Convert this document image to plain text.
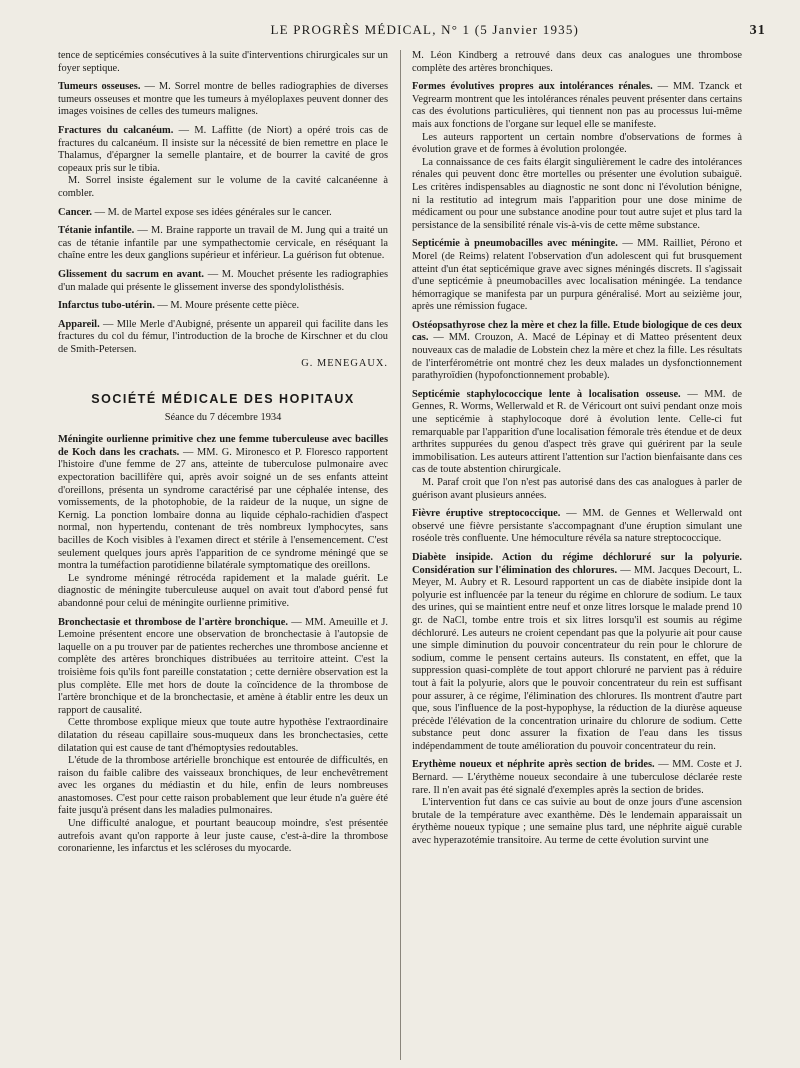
LE PROGRÈS MÉDICAL, N° 1 (5 Janvier 1935)	31

tence de septicémies consécutives à la suite d'interventions chirurgicales sur un foyer septique.

Tumeurs osseuses. — M. Sorrel montre de belles radiographies de diverses tumeurs osseuses et montre que les tumeurs à myéloplaxes peuvent donner des images voisines de celles des tumeurs malignes.

Fractures du calcanéum. — M. Laffitte (de Niort) a opéré trois cas de fractures du calcanéum. Il insiste sur la nécessité de bien remettre en place le Thalamus, d'épargner la semelle plantaire, et de bourrer la cavité de gros copeaux pris sur le tibia.

M. Sorrel insiste également sur le volume de la cavité calcanéenne à combler.

Cancer. — M. de Martel expose ses idées générales sur le cancer.

Tétanie infantile. — M. Braine rapporte un travail de M. Jung qui a traité un cas de tétanie infantile par une sympathectomie cervicale, en réséquant la chaîne entre les deux ganglions supérieur et inférieur. La guérison fut obtenue.

Glissement du sacrum en avant. — M. Mouchet présente les radiographies d'un malade qui présente le glissement inverse des spondylolisthésis.

Infarctus tubo-utérin. — M. Moure présente cette pièce.

Appareil. — Mlle Merle d'Aubigné, présente un appareil qui facilite dans les fractures du col du fémur, l'introduction de la broche de Kirschner et du clou de Smith-Petersen.

G. MENEGAUX.
SOCIÉTÉ MÉDICALE DES HOPITAUX
Séance du 7 décembre 1934

Méningite ourlienne primitive chez une femme tuberculeuse avec bacilles de Koch dans les crachats. — MM. G. Mironesco et P. Floresco rapportent l'histoire d'une femme de 27 ans, atteinte de tuberculose pulmonaire avec expectoration bacillifère qui, après avoir soigné un de ses enfants atteint d'oreillons, présenta un syndrome caractérisé par une céphalée intense, des vomissements, de la photophobie, de la raideur de la nuque, un signe de Kernig. La ponction lombaire donna au liquide céphalo-rachidien d'aspect normal, non hypertendu, contenant de très nombreux lymphocytes, sans bacilles de Koch visibles à l'examen direct et stérile à l'ensemencement. C'est seulement quelques jours après l'apparition de ce syndrome méningé que se montra la tuméfaction parotidienne bilatérale symptomatique des oreillons.

Le syndrome méningé rétrocéda rapidement et la malade guérit. Le diagnostic de méningite tuberculeuse auquel on avait tout d'abord pensé fut abandonné pour celui de méningite ourlienne primitive.

Bronchectasie et thrombose de l'artère bronchique. — MM. Ameuille et J. Lemoine présentent encore une observation de bronchectasie à l'autopsie de laquelle on a pu trouver par de patientes recherches une thrombose ancienne et complète des artères bronchiques distribuées au territoire atteint. C'est la troisième fois qu'ils font pareille constatation ; cette dernière observation est la plus complète. Elle met hors de doute la coïncidence de la thrombose de l'artère bronchique et de la bronchectasie, et amène à établir entre les deux un rapport de causalité.

Cette thrombose explique mieux que toute autre hypothèse l'extraordinaire dilatation du réseau capillaire sous-muqueux dans les bronchectasies, cette dilatation qui est cause de tant d'hémoptysies redoutables.

L'étude de la thrombose artérielle bronchique est entourée de difficultés, en raison du faible calibre des vaisseaux bronchiques, de leur enchevêtrement avec les organes du médiastin et du hile, enfin de leurs nombreuses anastomoses. C'est pour cette raison probablement que leur étude n'a guère été faite jusqu'à présent dans les maladies pulmonaires.

Une difficulté analogue, et pourtant beaucoup moindre, s'est présentée autrefois avant qu'on rapporte à leur juste cause, c'est-à-dire la thrombose coronarienne, les infarctus et les scléroses du myocarde.

M. Léon Kindberg a retrouvé dans deux cas analogues une thrombose complète des artères bronchiques.

Formes évolutives propres aux intolérances rénales. — MM. Tzanck et Vegrearm montrent que les intolérances rénales peuvent présenter dans certains cas des évolutions particulières, qui tiennent non pas au processus lui-même mais aux fonctions de l'organe sur lequel elle se manifeste.

Les auteurs rapportent un certain nombre d'observations de formes à évolution grave et de formes à évolution prolongée.

La connaissance de ces faits élargit singulièrement le cadre des intolérances rénales qui peuvent donc être mortelles ou présenter une évolution subaiguë. Les critères indispensables au diagnostic ne sont donc ni l'évolution bénigne, ni la restitutio ad integrum mais l'apparition pour une dose minime de médicament ou pour une substance anodine pour tout autre sujet et plus tard la persistance de la sensibilité rénale vis-à-vis de cette même substance.

Septicémie à pneumobacilles avec méningite. — MM. Railliet, Pérono et Morel (de Reims) relatent l'observation d'un adolescent qui fut brusquement atteint d'un état septicémique grave avec signes méningés discrets. Il s'agissait d'une septicémie à pneumobacilles avec localisation méningée. La tendance hémorragique se manifesta par un purpura généralisé. Mort au seizième jour, après une rémission fugace.

Ostéopsathyrose chez la mère et chez la fille. Etude biologique de ces deux cas. — MM. Crouzon, A. Macé de Lépinay et di Matteo présentent deux nouveaux cas de maladie de Lobstein chez la mère et chez la fille. Les résultats de l'interférométrie ont montré chez les deux malades un dysfonctionnement parathyroïdien (hypofonctionnement probable).

Septicémie staphylococcique lente à localisation osseuse. — MM. de Gennes, R. Worms, Wellerwald et R. de Véricourt ont suivi pendant onze mois une septicémie à staphylocoque doré à évolution lente. Celle-ci fut remarquable par l'apparition d'une localisation fémorale très étendue et de deux arthrites suppurées du genou d'aspect très grave qui guérirent par la seule immobilisation. Les auteurs attirent l'attention sur l'action bienfaisante dans ces cas de toute abstention chirurgicale.

M. Paraf croit que l'on n'est pas autorisé dans des cas analogues à parler de guérison avant plusieurs années.

Fièvre éruptive streptococcique. — MM. de Gennes et Wellerwald ont observé une fièvre persistante s'accompagnant d'une éruption simulant une roséole très confluente. Une hémoculture révéla sa nature streptococcique.

Diabète insipide. Action du régime déchloruré sur la polyurie. Considération sur l'élimination des chlorures. — MM. Jacques Decourt, L. Meyer, M. Aubry et R. Lesourd rapportent un cas de diabète insipide dont la polyurie est influencée par la teneur du régime en chlorure de sodium. Le taux des urines, qui se maintient entre neuf et onze litres lorsque le malade prend 10 gr. de NaCl, tombe entre trois et six litres lorsqu'il est soumis au régime déchloruré. Les auteurs ne croient cependant pas que la polyurie ait pour cause une simple diminution du pouvoir concentrateur du rein pour le chlorure de sodium, comme le pensent certains auteurs. Ils constatent, en effet, que la suppression quasi-complète de tout apport chloruré ne parvient pas à réduire tout à fait la polyurie, alors que le pouvoir concentrateur du rein est suffisant pour assurer, à ce régime, l'élimination des chlorures. Ils montrent d'autre part que, sous l'influence de la post-hypophyse, la réduction de la diurèse aqueuse précède l'élévation de la concentration urinaire du chlorure de sodium. Cette substance peut donc assurer la fixation de l'eau dans les tissus indépendamment de toute amélioration du pouvoir concentrateur du rein.

Erythème noueux et néphrite après section de brides. — MM. Coste et J. Bernard. — L'érythème noueux secondaire à une tuberculose déclarée reste rare. Il n'en avait pas été signalé d'exemples après la section de brides.

L'intervention fut dans ce cas suivie au bout de onze jours d'une ascension brutale de la température avec exanthème. Dès le lendemain apparaissait un érythème noueux typique ; une semaine plus tard, une néphrite aiguë curable avec hyperazotémie transitoire. Au terme de cette évolution survint une
